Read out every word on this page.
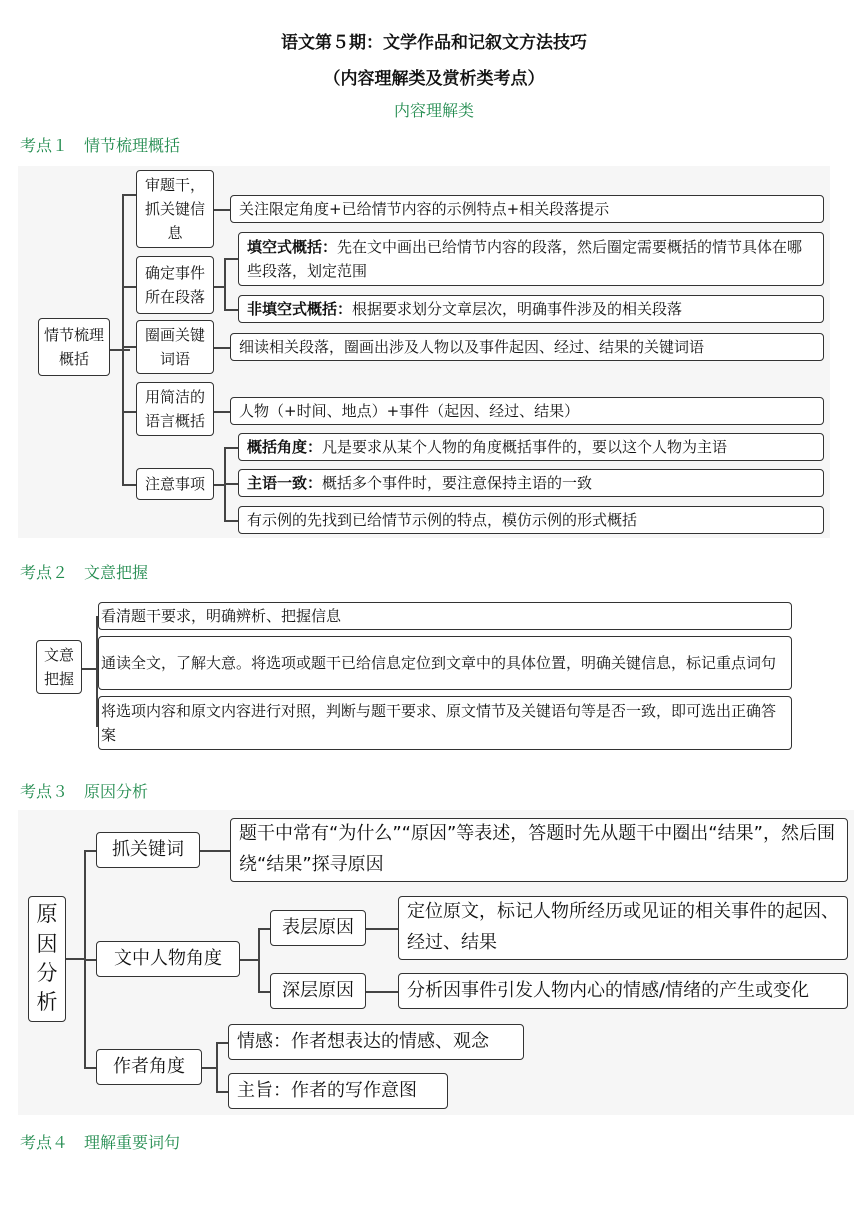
语文第５期：文学作品和记叙文方法技巧
（内容理解类及赏析类考点）
内容理解类
考点１　情节梳理概括
情节梳理概括
审题干，抓关键信息
关注限定角度+已给情节内容的示例特点+相关段落提示
确定事件所在段落
填空式概括：先在文中画出已给情节内容的段落，然后圈定需要概括的情节具体在哪些段落，划定范围
非填空式概括：根据要求划分文章层次，明确事件涉及的相关段落
圈画关键词语
细读相关段落，圈画出涉及人物以及事件起因、经过、结果的关键词语
用简洁的语言概括
人物（+时间、地点）+事件（起因、经过、结果）
注意事项
概括角度：凡是要求从某个人物的角度概括事件的，要以这个人物为主语
主语一致：概括多个事件时，要注意保持主语的一致
有示例的先找到已给情节示例的特点，模仿示例的形式概括
考点２　文意把握
文意把握
看清题干要求，明确辨析、把握信息
通读全文，了解大意。将选项或题干已给信息定位到文章中的具体位置，明确关键信息，标记重点词句
将选项内容和原文内容进行对照，判断与题干要求、原文情节及关键语句等是否一致，即可选出正确答案
考点３　原因分析
原因分析
抓关键词
题干中常有“为什么”“原因”等表述，答题时先从题干中圈出“结果”，然后围绕“结果”探寻原因
文中人物角度
表层原因
定位原文，标记人物所经历或见证的相关事件的起因、经过、结果
深层原因	分析因事件引发人物内心的情感/情绪的产生或变化
作者角度
情感：作者想表达的情感、观念
主旨：作者的写作意图
考点４　理解重要词句
